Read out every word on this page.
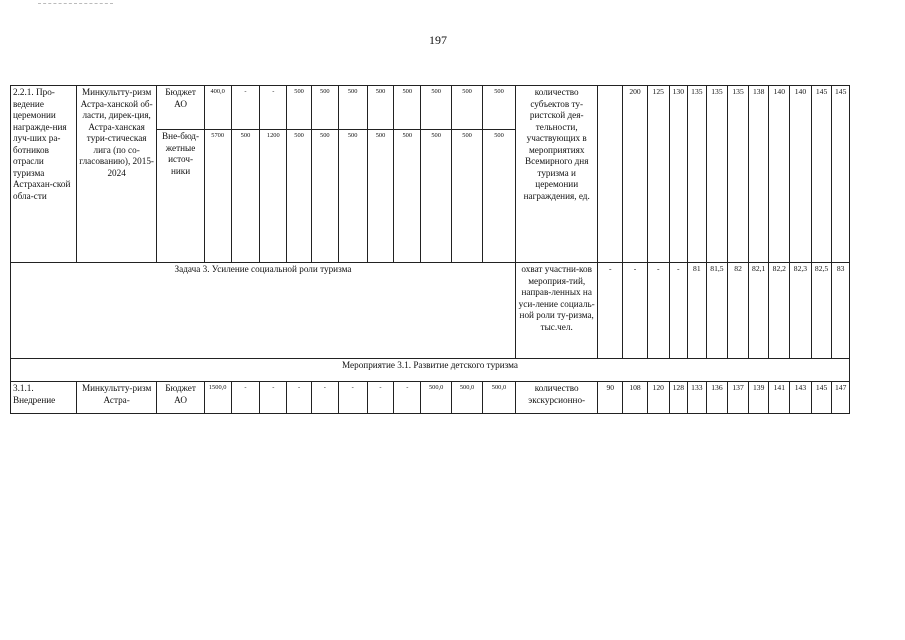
197
2.2.1. Про-ведение церемонии награжде-ния луч-ших ра-ботников отрасли туризма Астрахан-ской обла-сти	Минкультту-ризм Астра-ханской об-ласти, дирек-ция, Астра-ханская тури-стическая лига (по со-гласованию), 2015-2024	Бюджет АО	400,0	-	-	500	500	500	500	500	500	500	500	количество субъектов ту-ристской дея-тельности, участвующих в мероприятиях Всемирного дня туризма и церемонии награждения, ед.		200	125	130	135	135	135	138	140	140	145	145
		Вне-бюд-жетные источ-ники	5700	500	1200	500	500	500	500	500	500	500	500													
Задача 3. Усиление социальной роли туризма														охват участни-ков мероприя-тий, направ-ленных на уси-ление социаль-ной роли ту-ризма, тыс.чел.	-	-	-	-	81	81,5	82	82,1	82,2	82,3	82,5	83
Мероприятие 3.1. Развитие детского туризма																										
3.1.1. Внедрение	Минкультту-ризм Астра-	Бюджет АО	1500,0	-	-	-	-	-	-	-	500,0	500,0	500,0	количество экскурсионно-	90	108	120	128	133	136	137	139	141	143	145	147
